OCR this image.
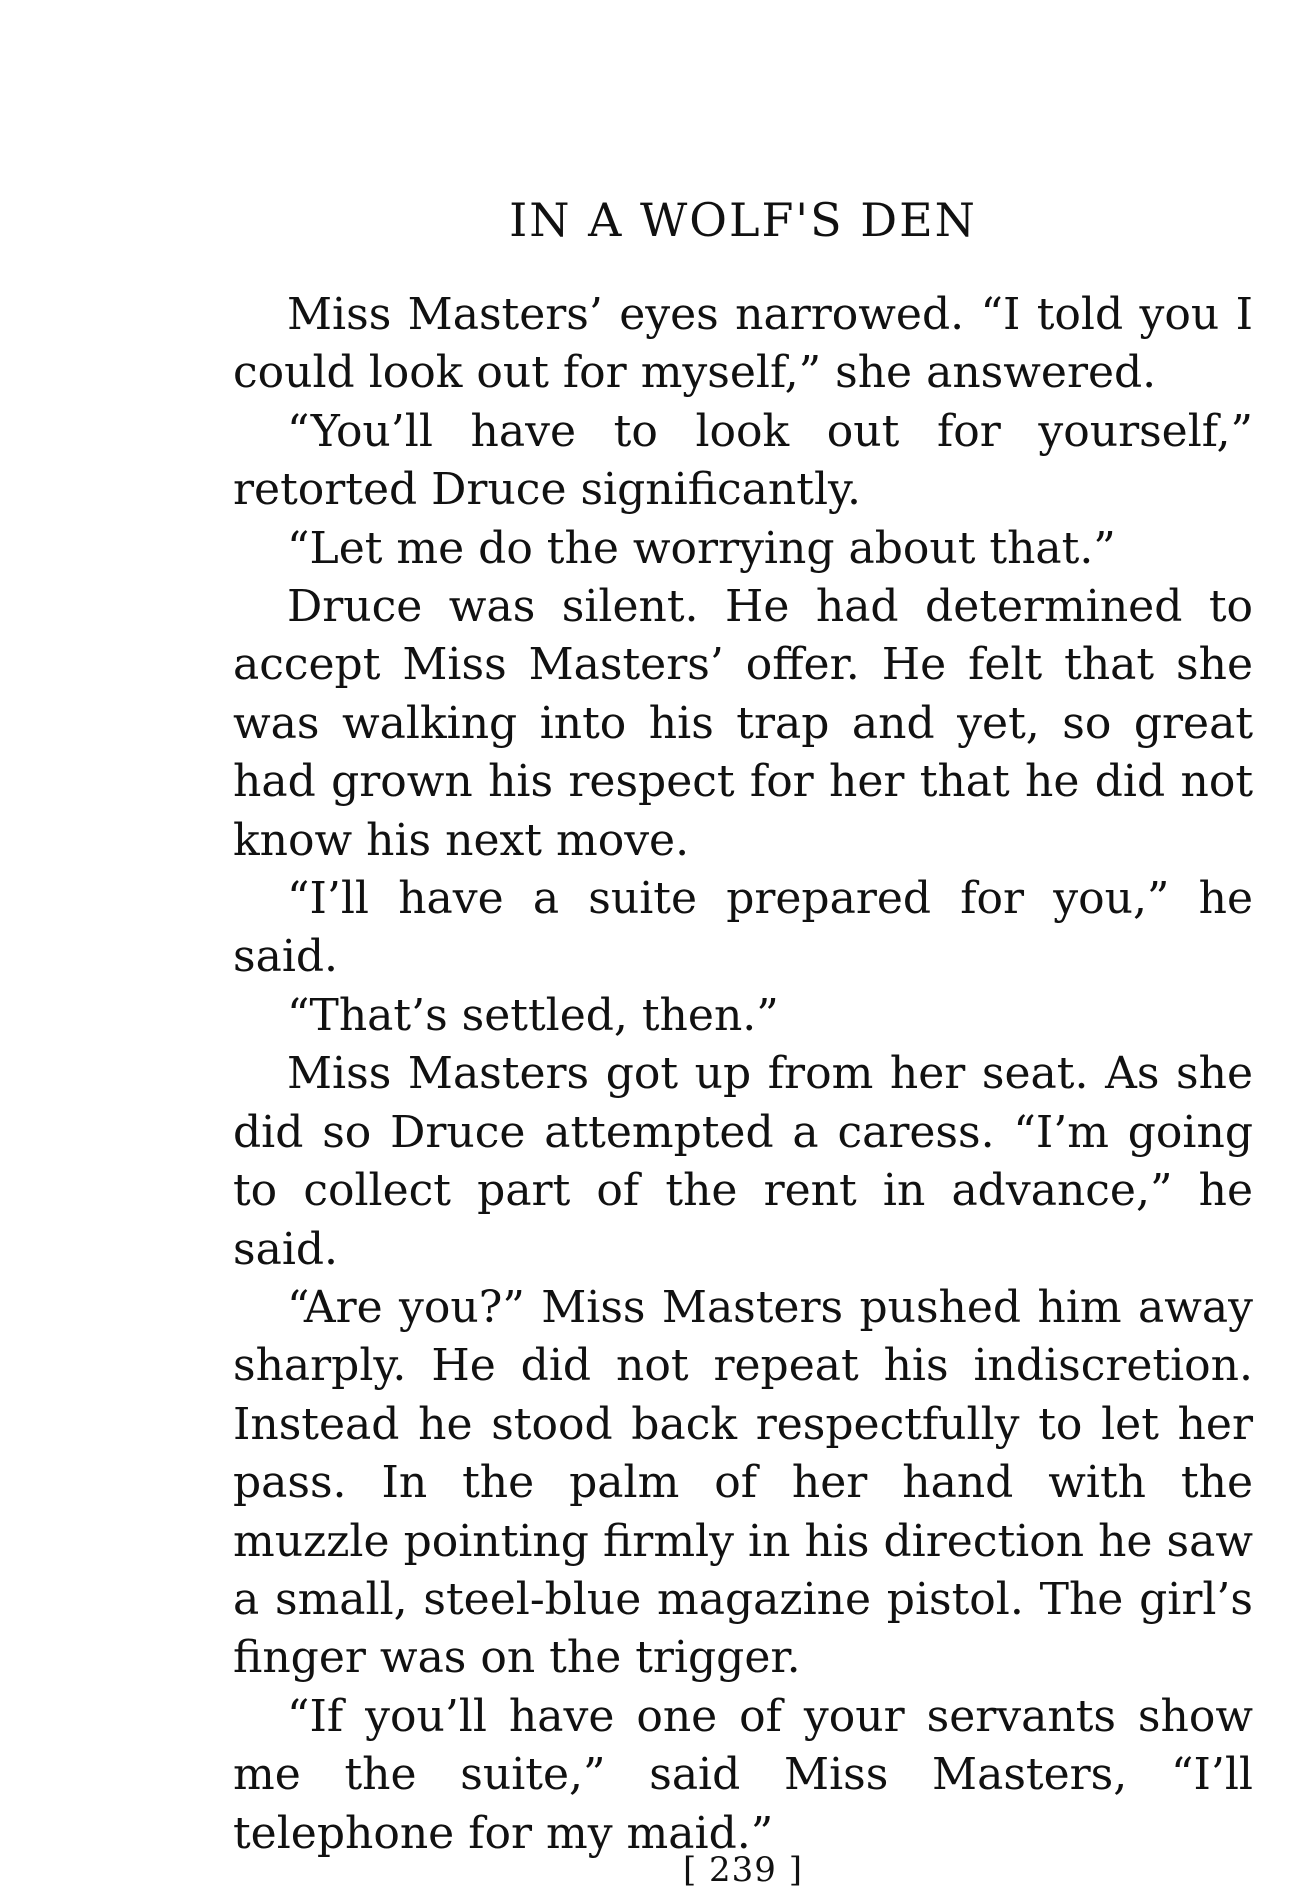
IN A WOLF'S DEN

Miss Masters’ eyes narrowed. “I told you I could look out for myself,” she answered.

“You’ll have to look out for yourself,” retorted Druce significantly.

“Let me do the worrying about that.”

Druce was silent. He had determined to accept Miss Masters’ offer. He felt that she was walking into his trap and yet, so great had grown his respect for her that he did not know his next move.

“I’ll have a suite prepared for you,” he said.

“That’s settled, then.”

Miss Masters got up from her seat. As she did so Druce attempted a caress. “I’m going to collect part of the rent in advance,” he said.

“Are you?” Miss Masters pushed him away sharply. He did not repeat his indiscretion. Instead he stood back respectfully to let her pass. In the palm of her hand with the muzzle pointing firmly in his direction he saw a small, steel-blue magazine pistol. The girl’s finger was on the trigger.

“If you’ll have one of your servants show me the suite,” said Miss Masters, “I’ll telephone for my maid.”

[ 239 ]
